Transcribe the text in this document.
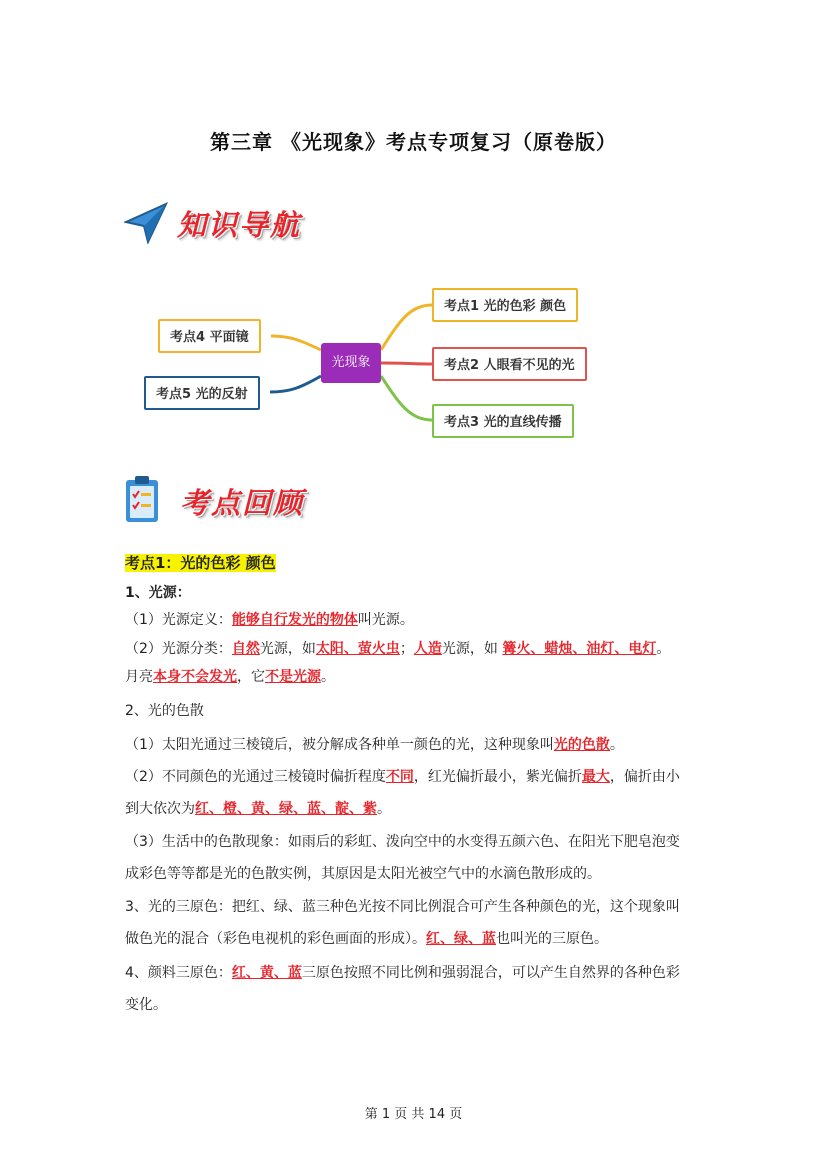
第三章 《光现象》考点专项复习（原卷版）
知识导航
光现象
考点1 光的色彩 颜色
考点2 人眼看不见的光
考点3 光的直线传播
考点4 平面镜
考点5 光的反射
考点回顾
考点1：光的色彩 颜色
1、光源：
（1）光源定义：能够自行发光的物体叫光源。
（2）光源分类：自然光源，如太阳、萤火虫；人造光源，如 篝火、蜡烛、油灯、电灯。
月亮本身不会发光，它不是光源。
2、光的色散
（1）太阳光通过三棱镜后，被分解成各种单一颜色的光，这种现象叫光的色散。
（2）不同颜色的光通过三棱镜时偏折程度不同，红光偏折最小，紫光偏折最大，偏折由小
到大依次为红、橙、黄、绿、蓝、靛、紫。
（3）生活中的色散现象：如雨后的彩虹、泼向空中的水变得五颜六色、在阳光下肥皂泡变
成彩色等等都是光的色散实例，其原因是太阳光被空气中的水滴色散形成的。
3、光的三原色：把红、绿、蓝三种色光按不同比例混合可产生各种颜色的光，这个现象叫
做色光的混合（彩色电视机的彩色画面的形成）。红、绿、蓝也叫光的三原色。
4、颜料三原色：红、黄、蓝三原色按照不同比例和强弱混合，可以产生自然界的各种色彩
变化。
第 1 页 共 14 页
